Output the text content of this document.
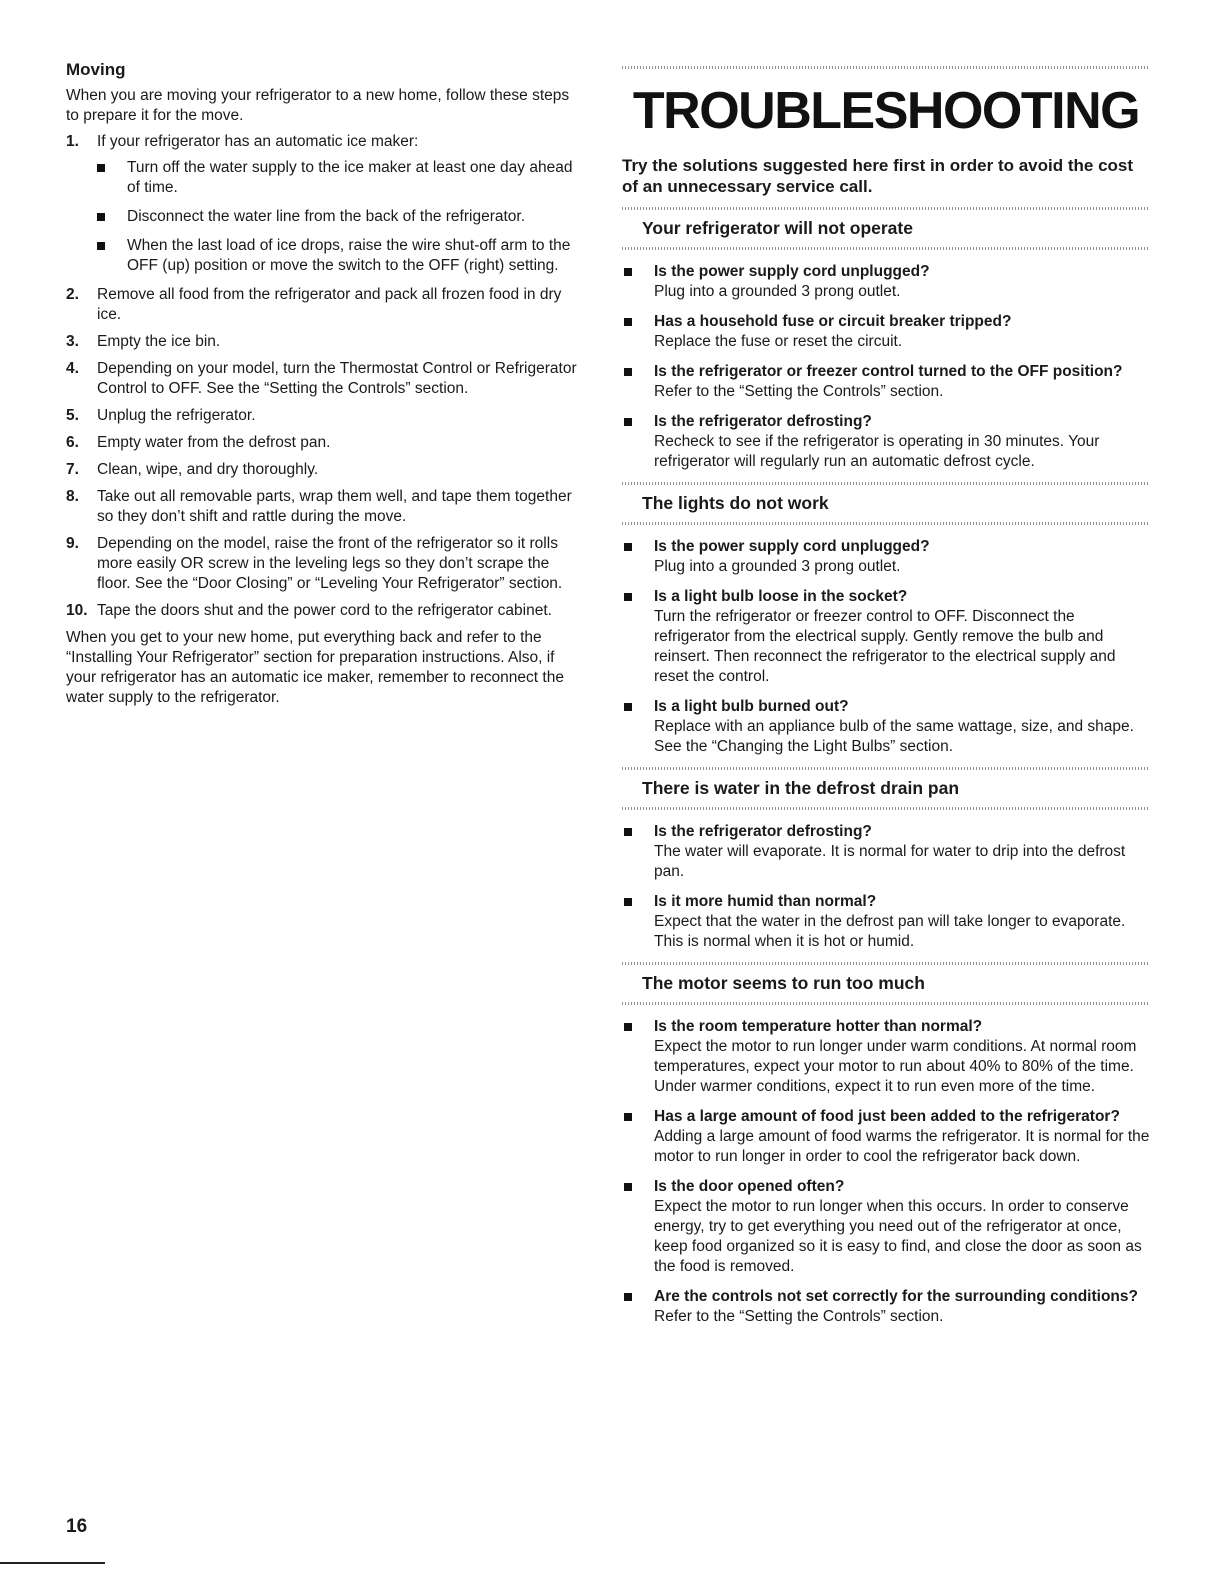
Moving

When you are moving your refrigerator to a new home, follow these steps to prepare it for the move.

1. If your refrigerator has an automatic ice maker:
Turn off the water supply to the ice maker at least one day ahead of time.
Disconnect the water line from the back of the refrigerator.
When the last load of ice drops, raise the wire shut-off arm to the OFF (up) position or move the switch to the OFF (right) setting.
2. Remove all food from the refrigerator and pack all frozen food in dry ice.
3. Empty the ice bin.
4. Depending on your model, turn the Thermostat Control or Refrigerator Control to OFF. See the “Setting the Controls” section.
5. Unplug the refrigerator.
6. Empty water from the defrost pan.
7. Clean, wipe, and dry thoroughly.
8. Take out all removable parts, wrap them well, and tape them together so they don’t shift and rattle during the move.
9. Depending on the model, raise the front of the refrigerator so it rolls more easily OR screw in the leveling legs so they don’t scrape the floor. See the “Door Closing” or “Leveling Your Refrigerator” section.
10. Tape the doors shut and the power cord to the refrigerator cabinet.

When you get to your new home, put everything back and refer to the “Installing Your Refrigerator” section for preparation instructions. Also, if your refrigerator has an automatic ice maker, remember to reconnect the water supply to the refrigerator.

TROUBLESHOOTING

Try the solutions suggested here first in order to avoid the cost of an unnecessary service call.

Your refrigerator will not operate
Is the power supply cord unplugged?
Plug into a grounded 3 prong outlet.
Has a household fuse or circuit breaker tripped?
Replace the fuse or reset the circuit.
Is the refrigerator or freezer control turned to the OFF position?
Refer to the “Setting the Controls” section.
Is the refrigerator defrosting?
Recheck to see if the refrigerator is operating in 30 minutes. Your refrigerator will regularly run an automatic defrost cycle.
The lights do not work
Is the power supply cord unplugged?
Plug into a grounded 3 prong outlet.
Is a light bulb loose in the socket?
Turn the refrigerator or freezer control to OFF. Disconnect the refrigerator from the electrical supply. Gently remove the bulb and reinsert. Then reconnect the refrigerator to the electrical supply and reset the control.
Is a light bulb burned out?
Replace with an appliance bulb of the same wattage, size, and shape. See the “Changing the Light Bulbs” section.
There is water in the defrost drain pan
Is the refrigerator defrosting?
The water will evaporate. It is normal for water to drip into the defrost pan.
Is it more humid than normal?
Expect that the water in the defrost pan will take longer to evaporate. This is normal when it is hot or humid.
The motor seems to run too much
Is the room temperature hotter than normal?
Expect the motor to run longer under warm conditions. At normal room temperatures, expect your motor to run about 40% to 80% of the time. Under warmer conditions, expect it to run even more of the time.
Has a large amount of food just been added to the refrigerator?
Adding a large amount of food warms the refrigerator. It is normal for the motor to run longer in order to cool the refrigerator back down.
Is the door opened often?
Expect the motor to run longer when this occurs. In order to conserve energy, try to get everything you need out of the refrigerator at once, keep food organized so it is easy to find, and close the door as soon as the food is removed.
Are the controls not set correctly for the surrounding conditions?
Refer to the “Setting the Controls” section.
16
